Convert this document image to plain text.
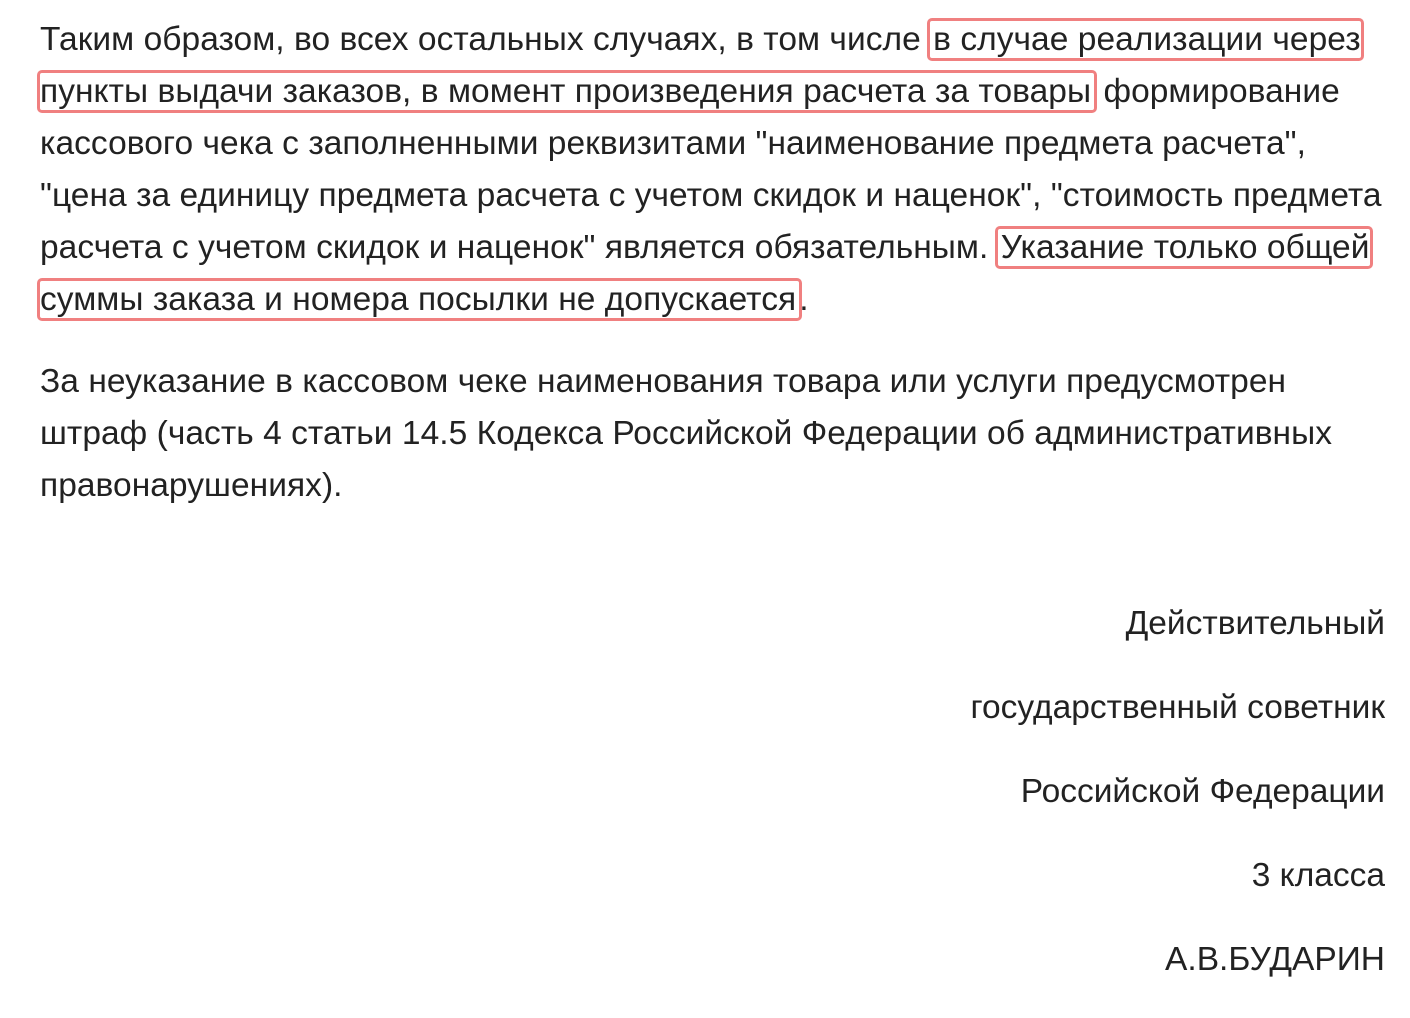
Таким образом, во всех остальных случаях, в том числе в случае реализации через пункты выдачи заказов, в момент произведения расчета за товары формирование кассового чека с заполненными реквизитами "наименование предмета расчета", "цена за единицу предмета расчета с учетом скидок и наценок", "стоимость предмета расчета с учетом скидок и наценок" является обязательным. Указание только общей суммы заказа и номера посылки не допускается.

За неуказание в кассовом чеке наименования товара или услуги предусмотрен штраф (часть 4 статьи 14.5 Кодекса Российской Федерации об административных правонарушениях).

Действительный

государственный советник

Российской Федерации

3 класса

А.В.БУДАРИН
